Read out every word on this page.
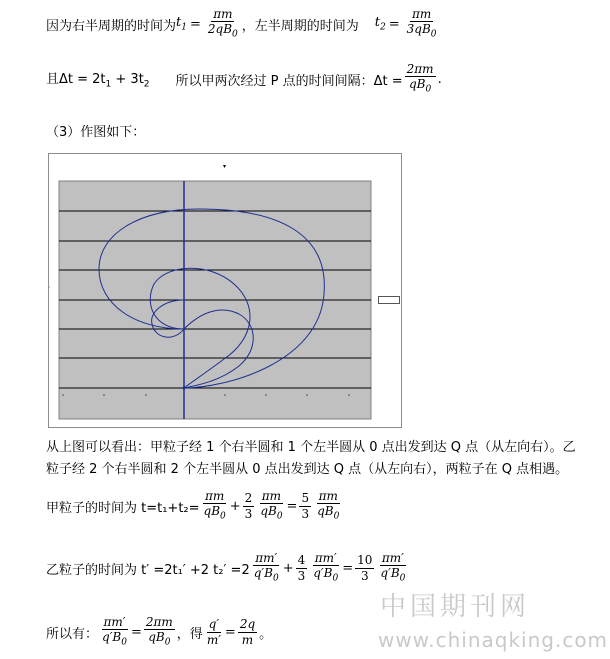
因为右半周期的时间为 $t_1 = \frac{\pi m}{2qB_0}$ ，左半周期的时间为 $t_2 = \frac{\pi m}{3qB_0}$
且$\Delta t = 2t_1 + 3t_2$ 所以甲两次经过 P 点的时间间隔：$\Delta t = \frac{2\pi m}{qB_0}$ .
（3）作图如下：
▾
·
从上图可以看出：甲粒子经 1 个右半圆和 1 个左半圆从 0 点出发到达 Q 点（从左向右）。乙
粒子经 2 个右半圆和 2 个左半圆从 0 点出发到达 Q 点（从左向右），两粒子在 Q 点相遇。
甲粒子的时间为 $t=t_1+t_2= \frac{\pi m}{qB_0} + \frac{2}{3} \frac{\pi m}{qB_0} = \frac{5}{3} \frac{\pi m}{qB_0}$
乙粒子的时间为 t′ =2t₁′ +2 $t_2' =2 \frac{\pi m'}{q'B_0} + \frac{4}{3} \frac{\pi m'}{q'B_0} = \frac{10}{3} \frac{\pi m'}{q'B_0}$
所以有： $\frac{\pi m'}{q'B_0} = \frac{2\pi m}{qB_0}$ ，得 $\frac{q'}{m'} = \frac{2q}{m}$ 。
中国期刊网
www.chinaqking.com
